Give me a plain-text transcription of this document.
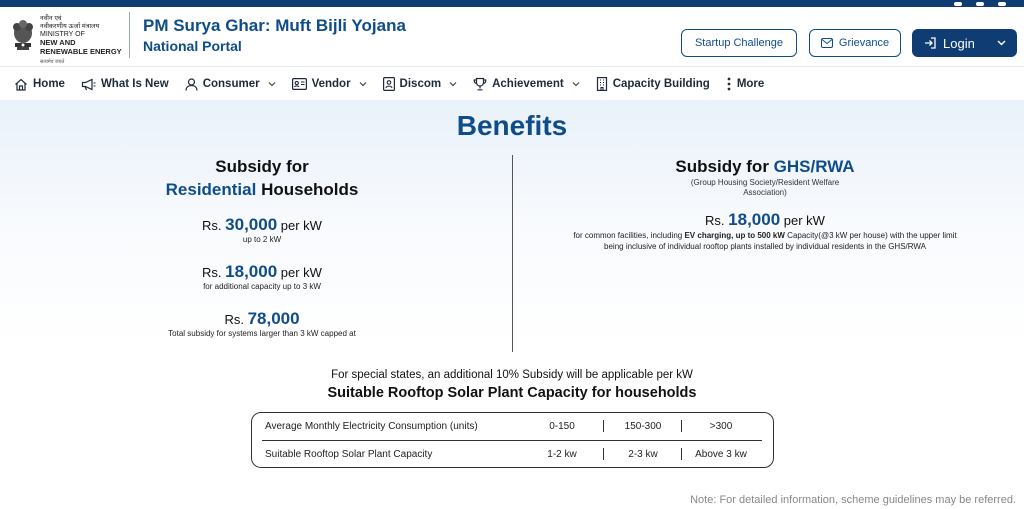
नवीन एवं
नवीकरणीय ऊर्जा मंत्रालय
MINISTRY OF
NEW AND
RENEWABLE ENERGY
सत्यमेव जयते
PM Surya Ghar: Muft Bijli Yojana
National Portal	Startup Challenge	Grievance	Login
Home	What Is New	Consumer	Vendor	Discom	Achievement	Capacity Building More
Benefits
Subsidy for
Residential Households
Rs. 30,000 per kW
up to 2 kW
Rs. 18,000 per kW
for additional capacity up to 3 kW
Rs. 78,000
Total subsidy for systems larger than 3 kW capped at
Subsidy for GHS/RWA
(Group Housing Society/Resident Welfare
Association)
Rs. 18,000 per kW
for common facilities, including EV charging, up to 500 kW Capacity(@3 kW per house) with the upper limit
being inclusive of individual rooftop plants installed by individual residents in the GHS/RWA
For special states, an additional 10% Subsidy will be applicable per kW
Suitable Rooftop Solar Plant Capacity for households
Average Monthly Electricity Consumption (units)	0-150	150-300	>300
Suitable Rooftop Solar Plant Capacity	1-2 kw	2-3 kw	Above 3 kw
Note: For detailed information, scheme guidelines may be referred.
